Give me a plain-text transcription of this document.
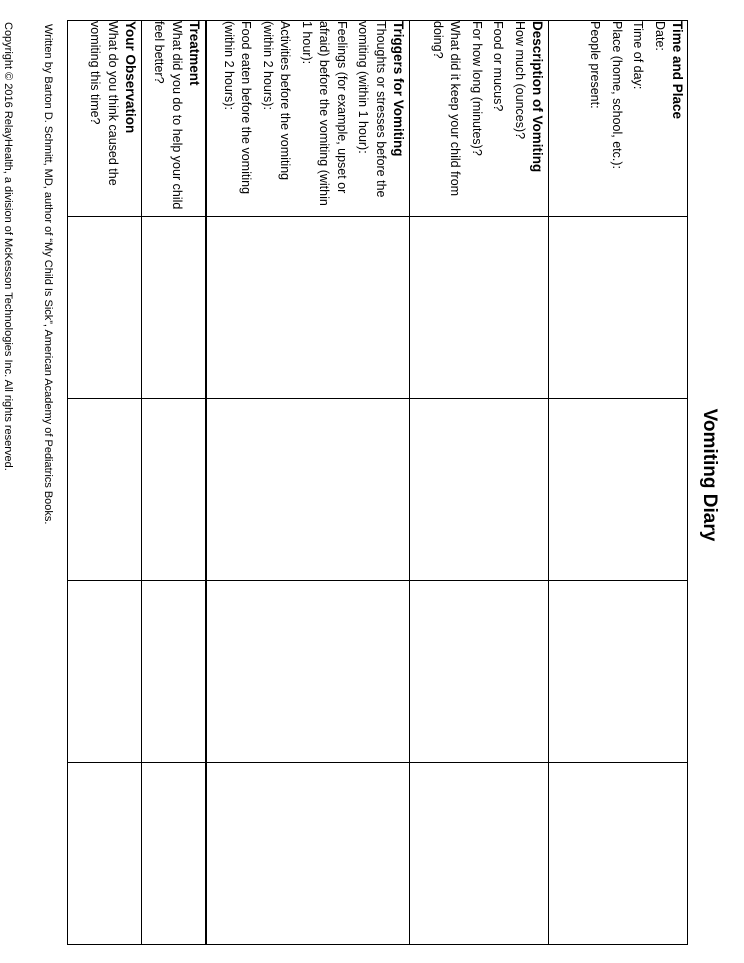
Vomiting Diary
Time and Place
Date:
Time of day:
Place (home, school, etc.):
People present:				

Description of Vomiting
How much (ounces)?
Food or mucus?
For how long (minutes)?
What did it keep your child from doing?				

Triggers for Vomiting
Thoughts or stresses before the vomiting (within 1 hour):
Feelings (for example, upset or afraid) before the vomiting (within 1 hour):
Activities before the vomiting (within 2 hours):
Food eaten before the vomiting (within 2 hours):				

Treatment
What did you do to help your child feel better?				

Your Observation
What do you think caused the vomiting this time?				

Written by Barton D. Schmitt, MD, author of “My Child Is Sick”, American Academy of Pediatrics Books.
Copyright © 2016 RelayHealth, a division of McKesson Technologies Inc. All rights reserved.
